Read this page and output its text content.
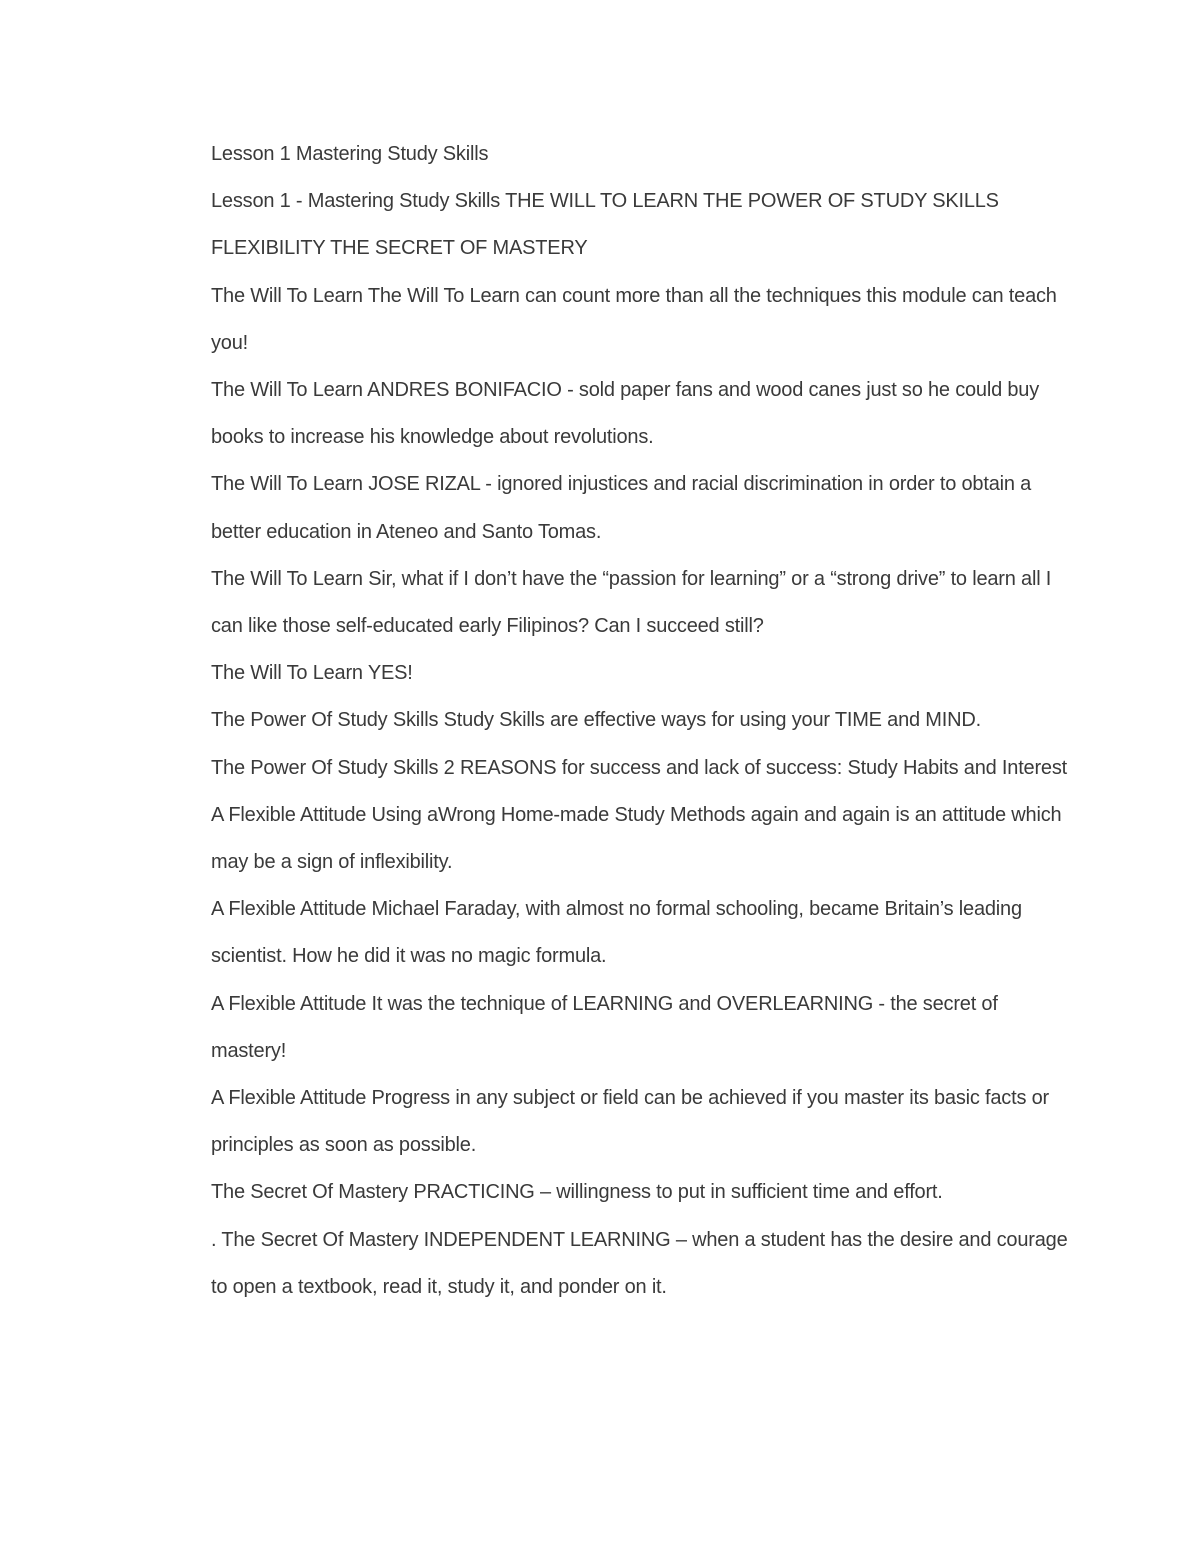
Lesson 1 Mastering Study Skills

Lesson 1 - Mastering Study Skills THE WILL TO LEARN THE POWER OF STUDY SKILLS FLEXIBILITY THE SECRET OF MASTERY

The Will To Learn The Will To Learn can count more than all the techniques this module can teach you!

The Will To Learn ANDRES BONIFACIO - sold paper fans and wood canes just so he could buy books to increase his knowledge about revolutions.

The Will To Learn JOSE RIZAL - ignored injustices and racial discrimination in order to obtain a better education in Ateneo and Santo Tomas.

The Will To Learn Sir, what if I don’t have the “passion for learning” or a “strong drive” to learn all I can like those self-educated early Filipinos? Can I succeed still?

The Will To Learn YES!

The Power Of Study Skills Study Skills are effective ways for using your TIME and MIND.

The Power Of Study Skills 2 REASONS for success and lack of success: Study Habits and Interest

A Flexible Attitude Using aWrong Home-made Study Methods again and again is an attitude which may be a sign of inflexibility.

A Flexible Attitude Michael Faraday, with almost no formal schooling, became Britain’s leading scientist. How he did it was no magic formula.

A Flexible Attitude It was the technique of LEARNING and OVERLEARNING - the secret of mastery!

A Flexible Attitude Progress in any subject or field can be achieved if you master its basic facts or principles as soon as possible.

The Secret Of Mastery PRACTICING – willingness to put in sufficient time and effort.

. The Secret Of Mastery INDEPENDENT LEARNING – when a student has the desire and courage to open a textbook, read it, study it, and ponder on it.
